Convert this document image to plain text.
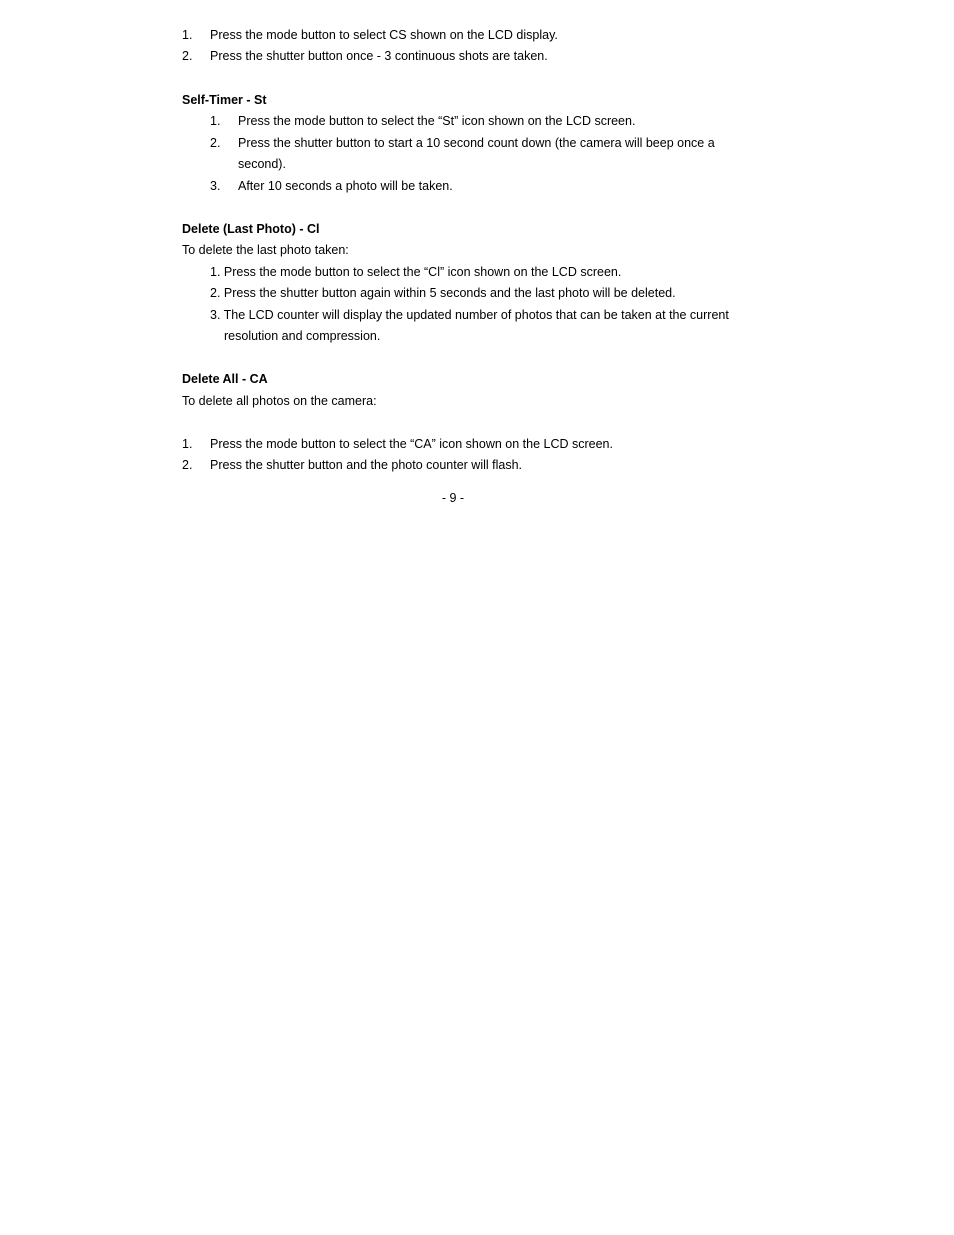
1. Press the mode button to select CS shown on the LCD display.
2. Press the shutter button once - 3 continuous shots are taken.
Self-Timer - St
1. Press the mode button to select the “St” icon shown on the LCD screen.
2. Press the shutter button to start a 10 second count down (the camera will beep once a
second).
3. After 10 seconds a photo will be taken.
Delete (Last Photo) - Cl
To delete the last photo taken:
1. Press the mode button to select the “Cl” icon shown on the LCD screen.
2. Press the shutter button again within 5 seconds and the last photo will be deleted.
3. The LCD counter will display the updated number of photos that can be taken at the current
resolution and compression.
Delete All - CA
To delete all photos on the camera:
1. Press the mode button to select the “CA” icon shown on the LCD screen.
2. Press the shutter button and the photo counter will flash.
- 9 -
